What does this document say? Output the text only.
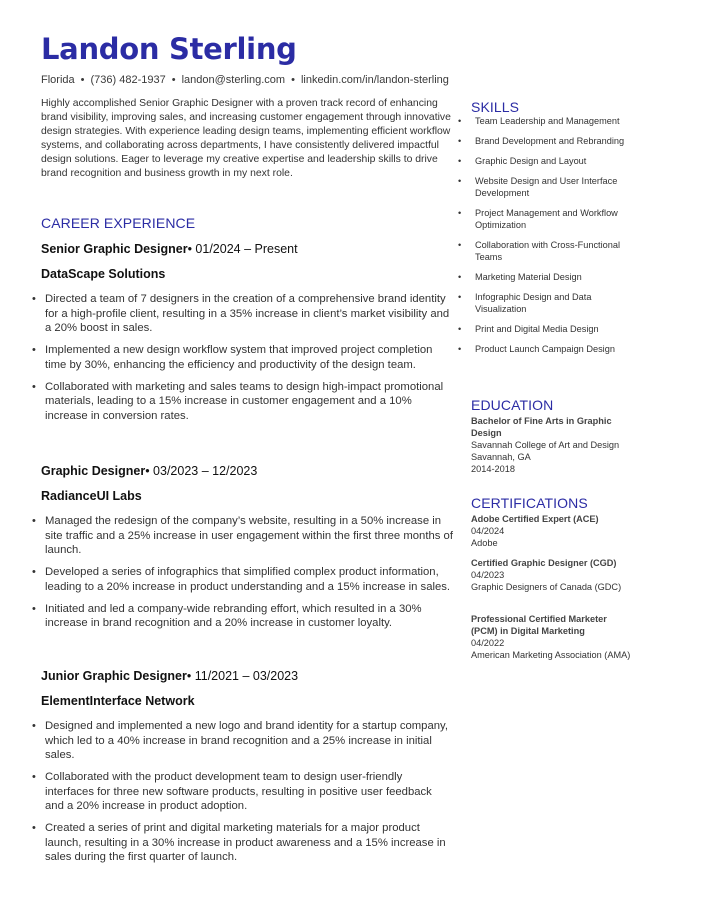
Landon Sterling
Florida • (736) 482-1937 • landon@sterling.com • linkedin.com/in/landon-sterling

Highly accomplished Senior Graphic Designer with a proven track record of enhancing brand visibility, improving sales, and increasing customer engagement through innovative design strategies. With experience leading design teams, implementing efficient workflow systems, and collaborating across departments, I have consistently delivered impactful design solutions. Eager to leverage my creative expertise and leadership skills to drive brand recognition and business growth in my next role.

CAREER EXPERIENCE

Senior Graphic Designer• 01/2024 – Present

DataScape Solutions

• Directed a team of 7 designers in the creation of a comprehensive brand identity for a high-profile client, resulting in a 35% increase in client’s market visibility and a 20% boost in sales.
• Implemented a new design workflow system that improved project completion time by 30%, enhancing the efficiency and productivity of the design team.
• Collaborated with marketing and sales teams to design high-impact promotional materials, leading to a 15% increase in customer engagement and a 10% increase in conversion rates.

Graphic Designer• 03/2023 – 12/2023

RadianceUI Labs

• Managed the redesign of the company’s website, resulting in a 50% increase in site traffic and a 25% increase in user engagement within the first three months of launch.
• Developed a series of infographics that simplified complex product information, leading to a 20% increase in product understanding and a 15% increase in sales.
• Initiated and led a company-wide rebranding effort, which resulted in a 30% increase in brand recognition and a 20% increase in customer loyalty.

Junior Graphic Designer• 11/2021 – 03/2023

ElementInterface Network

• Designed and implemented a new logo and brand identity for a startup company, which led to a 40% increase in brand recognition and a 25% increase in initial sales.
• Collaborated with the product development team to design user-friendly interfaces for three new software products, resulting in positive user feedback and a 20% increase in product adoption.
• Created a series of print and digital marketing materials for a major product launch, resulting in a 30% increase in product awareness and a 15% increase in sales during the first quarter of launch.
SKILLS
• Team Leadership and Management
• Brand Development and Rebranding
• Graphic Design and Layout
• Website Design and User Interface Development
• Project Management and Workflow Optimization
• Collaboration with Cross-Functional Teams
• Marketing Material Design
• Infographic Design and Data Visualization
• Print and Digital Media Design
• Product Launch Campaign Design
EDUCATION
Bachelor of Fine Arts in Graphic Design
Savannah College of Art and Design
Savannah, GA
2014-2018
CERTIFICATIONS
Adobe Certified Expert (ACE)
04/2024
Adobe
Certified Graphic Designer (CGD)
04/2023
Graphic Designers of Canada (GDC)
Professional Certified Marketer (PCM) in Digital Marketing
04/2022
American Marketing Association (AMA)
